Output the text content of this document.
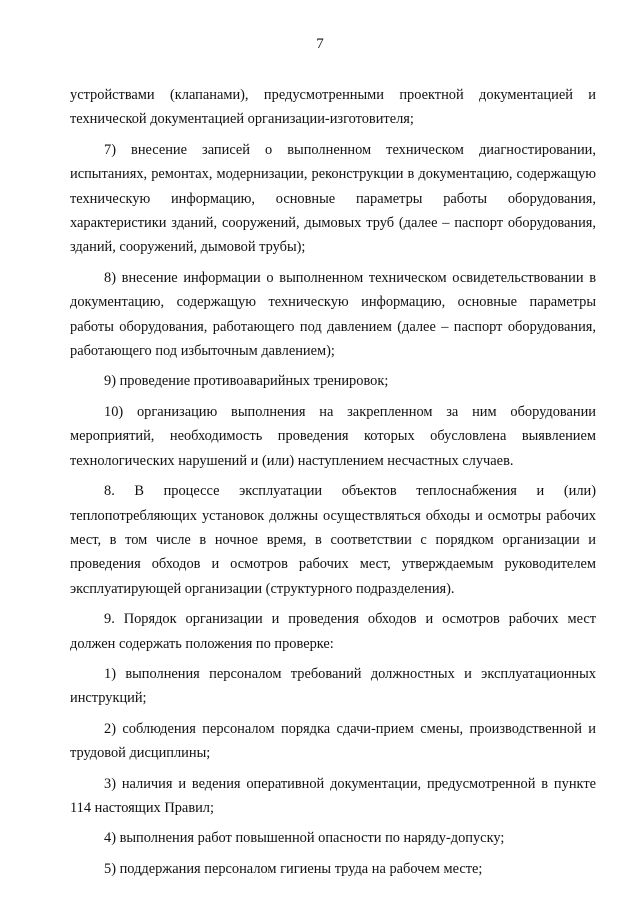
7

устройствами (клапанами), предусмотренными проектной документацией и технической документацией организации-изготовителя;

7) внесение записей о выполненном техническом диагностировании, испытаниях, ремонтах, модернизации, реконструкции в документацию, содержащую техническую информацию, основные параметры работы оборудования, характеристики зданий, сооружений, дымовых труб (далее – паспорт оборудования, зданий, сооружений, дымовой трубы);

8) внесение информации о выполненном техническом освидетельствовании в документацию, содержащую техническую информацию, основные параметры работы оборудования, работающего под давлением (далее – паспорт оборудования, работающего под избыточным давлением);

9) проведение противоаварийных тренировок;

10) организацию выполнения на закрепленном за ним оборудовании мероприятий, необходимость проведения которых обусловлена выявлением технологических нарушений и (или) наступлением несчастных случаев.

8. В процессе эксплуатации объектов теплоснабжения и (или) теплопотребляющих установок должны осуществляться обходы и осмотры рабочих мест, в том числе в ночное время, в соответствии с порядком организации и проведения обходов и осмотров рабочих мест, утверждаемым руководителем эксплуатирующей организации (структурного подразделения).

9. Порядок организации и проведения обходов и осмотров рабочих мест должен содержать положения по проверке:

1) выполнения персоналом требований должностных и эксплуатационных инструкций;

2) соблюдения персоналом порядка сдачи-прием смены, производственной и трудовой дисциплины;

3) наличия и ведения оперативной документации, предусмотренной в пункте 114 настоящих Правил;

4) выполнения работ повышенной опасности по наряду-допуску;

5) поддержания персоналом гигиены труда на рабочем месте;
